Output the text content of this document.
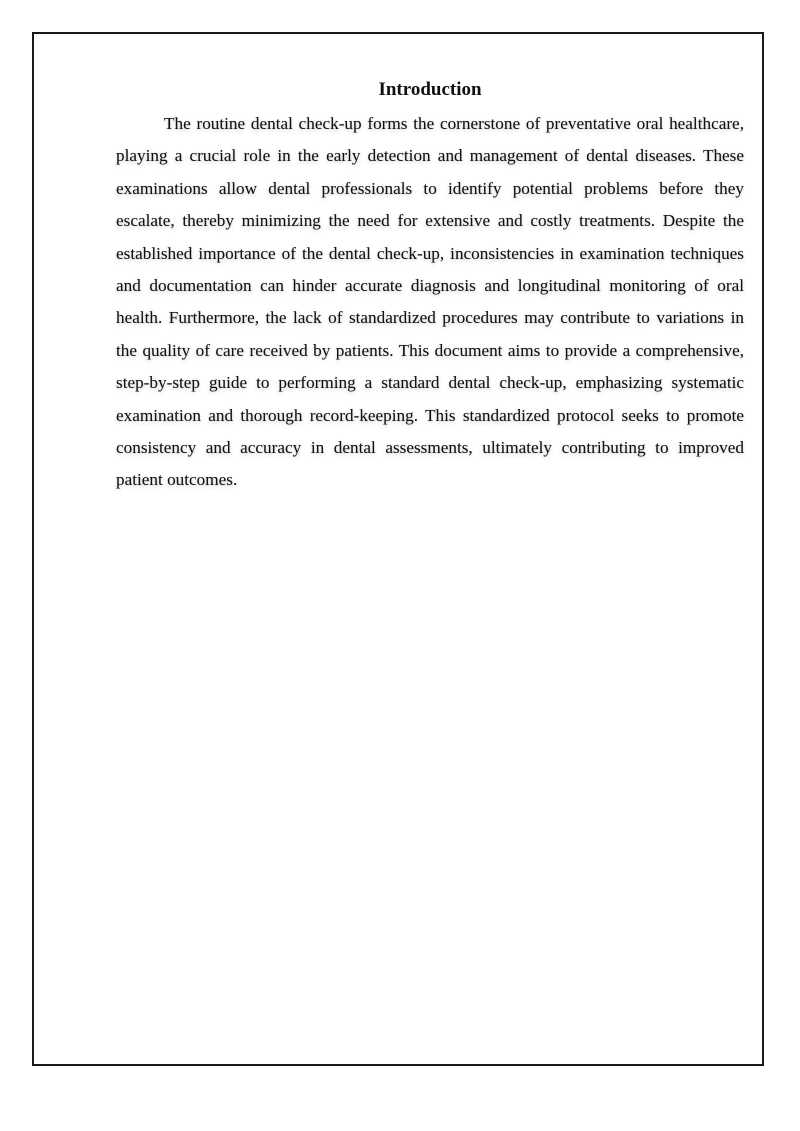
Introduction

The routine dental check-up forms the cornerstone of preventative oral healthcare, playing a crucial role in the early detection and management of dental diseases. These examinations allow dental professionals to identify potential problems before they escalate, thereby minimizing the need for extensive and costly treatments. Despite the established importance of the dental check-up, inconsistencies in examination techniques and documentation can hinder accurate diagnosis and longitudinal monitoring of oral health. Furthermore, the lack of standardized procedures may contribute to variations in the quality of care received by patients. This document aims to provide a comprehensive, step-by-step guide to performing a standard dental check-up, emphasizing systematic examination and thorough record-keeping. This standardized protocol seeks to promote consistency and accuracy in dental assessments, ultimately contributing to improved patient outcomes.
